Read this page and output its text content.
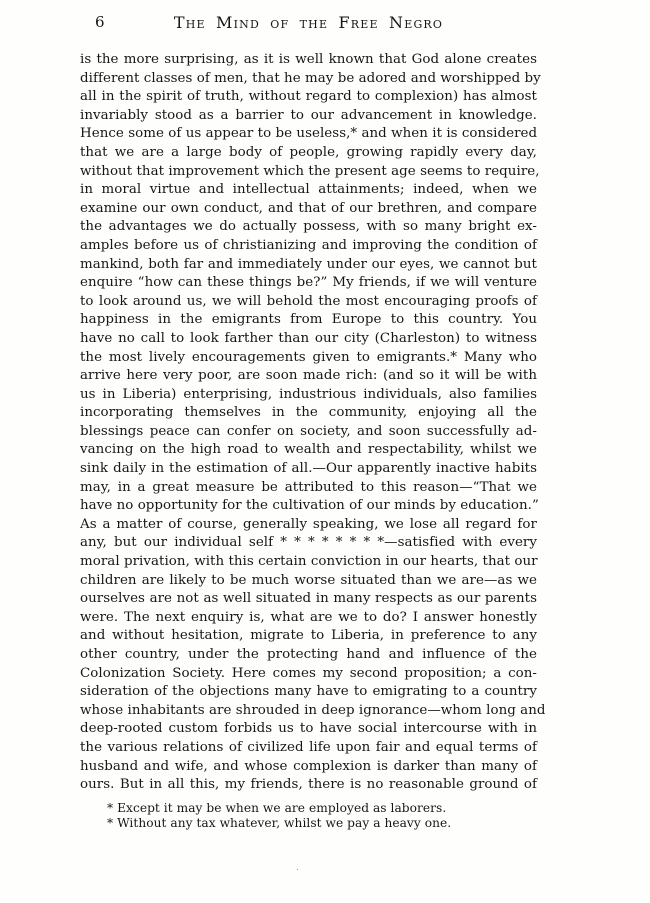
6	The Mind of the Free Negro
is the more surprising, as it is well known that God alone creates
different classes of men, that he may be adored and worshipped by
all in the spirit of truth, without regard to complexion) has almost
invariably stood as a barrier to our advancement in knowledge.
Hence some of us appear to be useless,* and when it is considered
that we are a large body of people, growing rapidly every day,
without that improvement which the present age seems to require,
in moral virtue and intellectual attainments; indeed, when we
examine our own conduct, and that of our brethren, and compare
the advantages we do actually possess, with so many bright ex-
amples before us of christianizing and improving the condition of
mankind, both far and immediately under our eyes, we cannot but
enquire “how can these things be?” My friends, if we will venture
to look around us, we will behold the most encouraging proofs of
happiness in the emigrants from Europe to this country. You
have no call to look farther than our city (Charleston) to witness
the most lively encouragements given to emigrants.* Many who
arrive here very poor, are soon made rich: (and so it will be with
us in Liberia) enterprising, industrious individuals, also families
incorporating themselves in the community, enjoying all the
blessings peace can confer on society, and soon successfully ad-
vancing on the high road to wealth and respectability, whilst we
sink daily in the estimation of all.—Our apparently inactive habits
may, in a great measure be attributed to this reason—“That we
have no opportunity for the cultivation of our minds by education.”
As a matter of course, generally speaking, we lose all regard for
any, but our individual self * * * * * * * *—satisfied with every
moral privation, with this certain conviction in our hearts, that our
children are likely to be much worse situated than we are—as we
ourselves are not as well situated in many respects as our parents
were. The next enquiry is, what are we to do? I answer honestly
and without hesitation, migrate to Liberia, in preference to any
other country, under the protecting hand and influence of the
Colonization Society. Here comes my second proposition; a con-
sideration of the objections many have to emigrating to a country
whose inhabitants are shrouded in deep ignorance—whom long and
deep-rooted custom forbids us to have social intercourse with in
the various relations of civilized life upon fair and equal terms of
husband and wife, and whose complexion is darker than many of
ours. But in all this, my friends, there is no reasonable ground of
* Except it may be when we are employed as laborers.
* Without any tax whatever, whilst we pay a heavy one.
.
